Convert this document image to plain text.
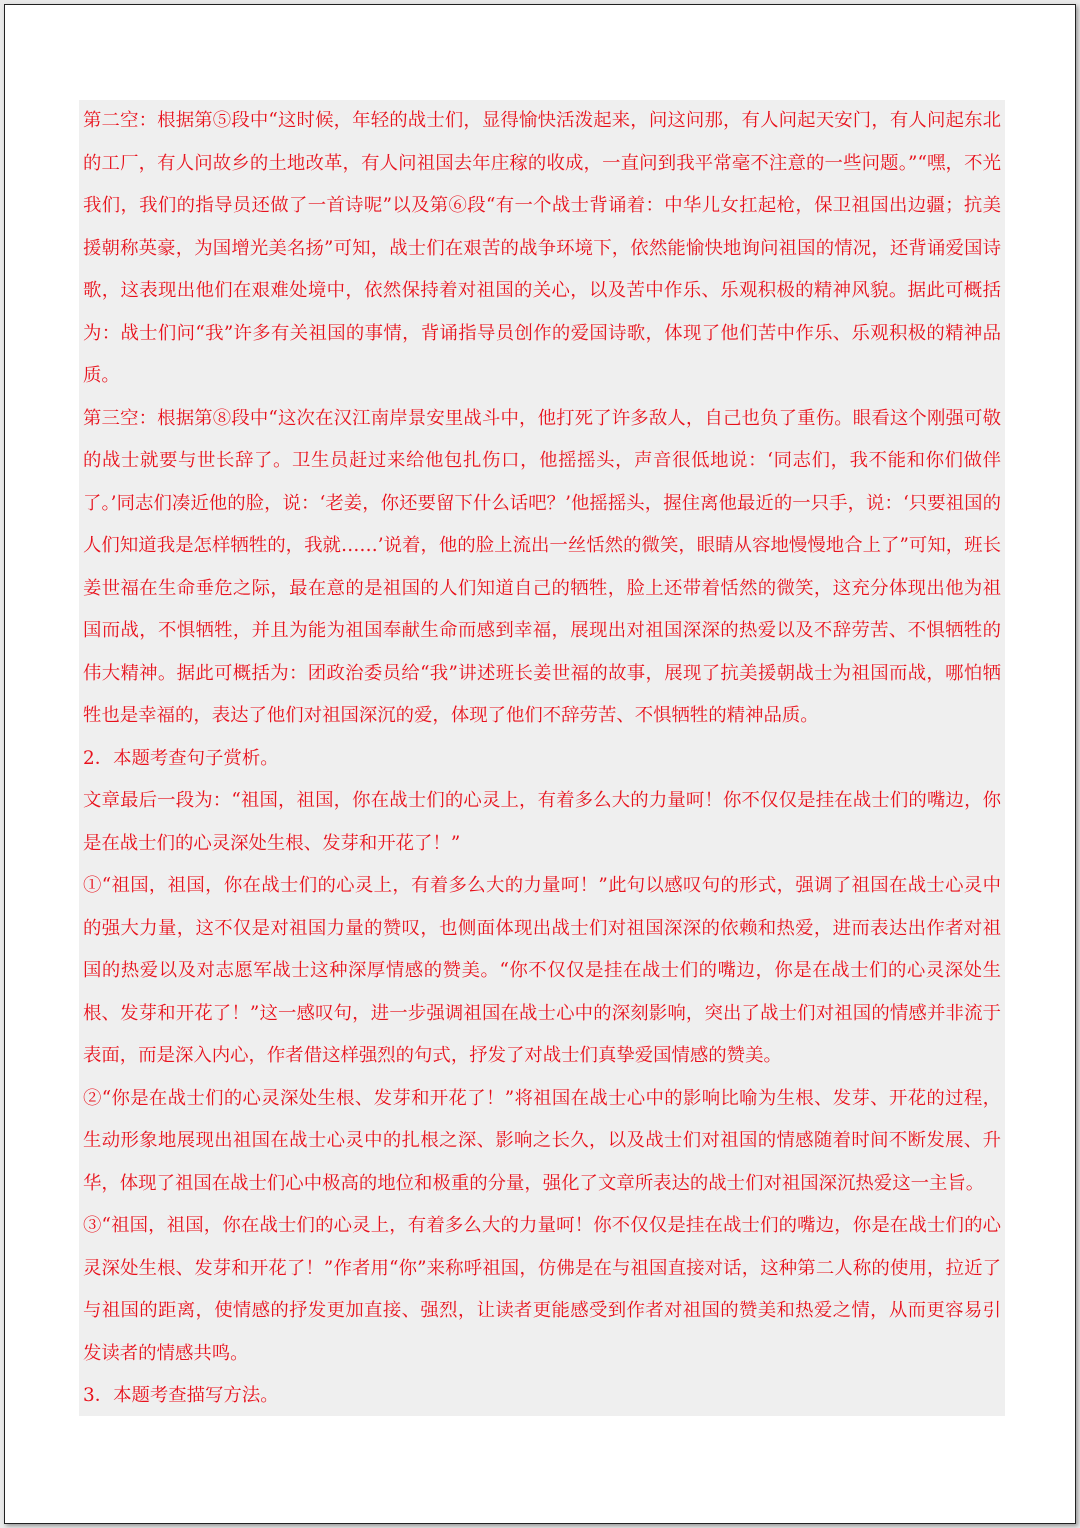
第二空：根据第⑤段中“这时候，年轻的战士们，显得愉快活泼起来，问这问那，有人问起天安门，有人问起东北的工厂，有人问故乡的土地改革，有人问祖国去年庄稼的收成，一直问到我平常毫不注意的一些问题。”“嘿，不光我们，我们的指导员还做了一首诗呢”以及第⑥段“有一个战士背诵着：中华儿女扛起枪，保卫祖国出边疆；抗美援朝称英豪，为国增光美名扬”可知，战士们在艰苦的战争环境下，依然能愉快地询问祖国的情况，还背诵爱国诗歌，这表现出他们在艰难处境中，依然保持着对祖国的关心，以及苦中作乐、乐观积极的精神风貌。据此可概括为：战士们问“我”许多有关祖国的事情，背诵指导员创作的爱国诗歌，体现了他们苦中作乐、乐观积极的精神品质。

第三空：根据第⑧段中“这次在汉江南岸景安里战斗中，他打死了许多敌人，自己也负了重伤。眼看这个刚强可敬的战士就要与世长辞了。卫生员赶过来给他包扎伤口，他摇摇头，声音很低地说：‘同志们，我不能和你们做伴了。’同志们凑近他的脸，说：‘老姜，你还要留下什么话吧？’他摇摇头，握住离他最近的一只手，说：‘只要祖国的人们知道我是怎样牺牲的，我就……’说着，他的脸上流出一丝恬然的微笑，眼睛从容地慢慢地合上了”可知，班长姜世福在生命垂危之际，最在意的是祖国的人们知道自己的牺牲，脸上还带着恬然的微笑，这充分体现出他为祖国而战，不惧牺牲，并且为能为祖国奉献生命而感到幸福，展现出对祖国深深的热爱以及不辞劳苦、不惧牺牲的伟大精神。据此可概括为：团政治委员给“我”讲述班长姜世福的故事，展现了抗美援朝战士为祖国而战，哪怕牺牲也是幸福的，表达了他们对祖国深沉的爱，体现了他们不辞劳苦、不惧牺牲的精神品质。

2．本题考查句子赏析。

文章最后一段为：“祖国，祖国，你在战士们的心灵上，有着多么大的力量呵！你不仅仅是挂在战士们的嘴边，你是在战士们的心灵深处生根、发芽和开花了！”

①“祖国，祖国，你在战士们的心灵上，有着多么大的力量呵！”此句以感叹句的形式，强调了祖国在战士心灵中的强大力量，这不仅是对祖国力量的赞叹，也侧面体现出战士们对祖国深深的依赖和热爱，进而表达出作者对祖国的热爱以及对志愿军战士这种深厚情感的赞美。“你不仅仅是挂在战士们的嘴边，你是在战士们的心灵深处生根、发芽和开花了！”这一感叹句，进一步强调祖国在战士心中的深刻影响，突出了战士们对祖国的情感并非流于表面，而是深入内心，作者借这样强烈的句式，抒发了对战士们真挚爱国情感的赞美。

②“你是在战士们的心灵深处生根、发芽和开花了！”将祖国在战士心中的影响比喻为生根、发芽、开花的过程，生动形象地展现出祖国在战士心灵中的扎根之深、影响之长久，以及战士们对祖国的情感随着时间不断发展、升华，体现了祖国在战士们心中极高的地位和极重的分量，强化了文章所表达的战士们对祖国深沉热爱这一主旨。

③“祖国，祖国，你在战士们的心灵上，有着多么大的力量呵！你不仅仅是挂在战士们的嘴边，你是在战士们的心灵深处生根、发芽和开花了！”作者用“你”来称呼祖国，仿佛是在与祖国直接对话，这种第二人称的使用，拉近了与祖国的距离，使情感的抒发更加直接、强烈，让读者更能感受到作者对祖国的赞美和热爱之情，从而更容易引发读者的情感共鸣。

3．本题考查描写方法。
